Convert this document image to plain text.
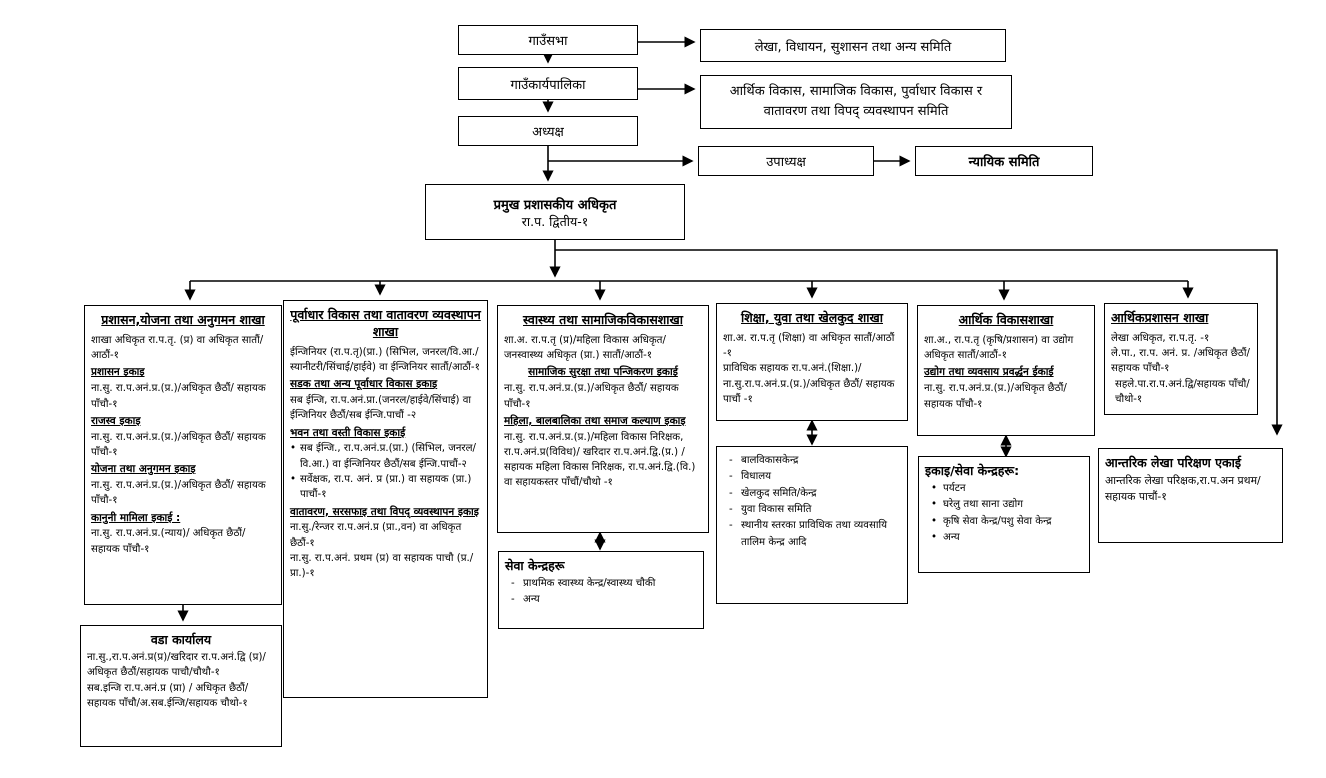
गाउँसभा	लेखा, विधायन, सुशासन तथा अन्य समिति
गाउँकार्यपालिका	आर्थिक विकास, सामाजिक विकास, पुर्वाधार विकास र
वातावरण तथा विपद् व्यवस्थापन समिति
अध्यक्ष
उपाध्यक्ष	न्यायिक समिति
प्रमुख प्रशासकीय अधिकृत
रा.प. द्वितीय-१
प्रशासन,योजना तथा अनुगमन शाखा
शाखा अधिकृत रा.प.तृ. (प्र) वा अधिकृत सातौं/आठौं-१
प्रशासन इकाइ
ना.सु. रा.प.अनं.प्र.(प्र.)/अधिकृत छैठौं/ सहायक पाँचौ-१
राजस्व इकाइ
ना.सु. रा.प.अनं.प्र.(प्र.)/अधिकृत छैठौं/ सहायक पाँचौ-१
योजना तथा अनुगमन इकाइ
ना.सु. रा.प.अनं.प्र.(प्र.)/अधिकृत छैठौं/ सहायक पाँचौ-१
कानुनी मामिला इकाई :
ना.सु. रा.प.अनं.प्र.(न्याय)/ अधिकृत छैठौं/ सहायक पाँचौ-१
वडा कार्यालय
ना.सु.,रा.प.अनं.प्र(प्र)/खरिदार रा.प.अनं.द्वि (प्र)/अधिकृत छैठौं/सहायक पाचौ/चौथौ-१
सब.इन्जि रा.प.अनं.प्र (प्रा) / अधिकृत छैठौं/ सहायक पाँचौ/अ.सब.ईन्जि/सहायक चौथो-१
पूर्वाधार विकास तथा वातावरण व्यवस्थापन शाखा
ईन्जिनियर (रा.प.तृ)(प्रा.) (सिभिल, जनरल/वि.आ./स्यानीटरी/सिंचाई/हाईवे) वा ईन्जिनियर सातौं/आठौं-१
सडक तथा अन्य पूर्वाधार विकास इकाइ
सब ईन्जि, रा.प.अनं.प्रा.(जनरल/हाईवे/सिंचाई) वा ईन्जिनियर छैठौं/सब ईन्जि.पाचौं -२
भवन तथा वस्ती विकास इकाई
• सब ईन्जि., रा.प.अनं.प्र.(प्रा.) (सिभिल, जनरल/वि.आ.) वा ईन्जिनियर छैठौं/सब ईन्जि.पाचौं-२
• सर्वेक्षक, रा.प. अनं. प्र (प्रा.) वा सहायक (प्रा.) पाचौं-१
वातावरण, सरसफाइ तथा विपद् व्यवस्थापन इकाइ
ना.सु./रेन्जर रा.प.अनं.प्र (प्रा.,वन) वा अधिकृत छैठौं-१
ना.सु. रा.प.अनं. प्रथम (प्र) वा सहायक पाचौ (प्र./प्रा.)-१
स्वास्थ्य तथा सामाजिकविकासशाखा
शा.अ. रा.प.तृ (प्र)/महिला विकास अधिकृत/ जनस्वास्थ्य अधिकृत (प्रा.) सातौं/आठौं-१
सामाजिक सुरक्षा तथा पन्जिकरण इकाई
ना.सु. रा.प.अनं.प्र.(प्र.)/अधिकृत छैठौं/ सहायक पाँचौ-१
महिला, बालबालिका तथा समाज कल्याण इकाइ
ना.सु. रा.प.अनं.प्र.(प्र.)/महिला विकास निरिक्षक, रा.प.अनं.प्र(विविध)/ खरिदार रा.प.अनं.द्वि.(प्र.) /सहायक महिला विकास निरिक्षक, रा.प.अनं.द्वि.(वि.) वा सहायकस्तर पाँचौं/चौथो -१
सेवा केन्द्रहरू
- प्राथमिक स्वास्थ्य केन्द्र/स्वास्थ्य चौकी
- अन्य
शिक्षा, युवा तथा खेलकुद शाखा
शा.अ. रा.प.तृ (शिक्षा) वा अधिकृत सातौं/आठौं -१
प्राविधिक सहायक रा.प.अनं.(शिक्षा.)/ ना.सु.रा.प.अनं.प्र.(प्र.)/अधिकृत छैठौं/ सहायक पाचौं -१
- बालविकासकेन्द्र
- विधालय
- खेलकुद समिति/केन्द्र
- युवा विकास समिति
- स्थानीय स्तरका प्राविधिक तथा व्यवसायि तालिम केन्द्र आदि
आर्थिक विकासशाखा
शा.अ., रा.प.तृ (कृषि/प्रशासन) वा उद्योग अधिकृत सातौं/आठौं-१
उद्योग तथा व्यवसाय प्रवर्द्धन ईकाई
ना.सु. रा.प.अनं.प्र.(प्र.)/अधिकृत छैठौं/सहायक पाँचौ-१
इकाइ/सेवा केन्द्रहरू:
• पर्यटन
• घरेलु तथा साना उद्योग
• कृषि सेवा केन्द्र/पशु सेवा केन्द्र
• अन्य
आर्थिकप्रशासन शाखा
लेखा अधिकृत, रा.प.तृ. -१
ले.पा., रा.प. अनं. प्र. /अधिकृत छैठौं/ सहायक पाँचौ-१
सहले.पा.रा.प.अनं.द्वि/सहायक पाँचौ/चौथो-१
आन्तरिक लेखा परिक्षण एकाई
आन्तरिक लेखा परिक्षक,रा.प.अन प्रथम/सहायक पाचौं-१
